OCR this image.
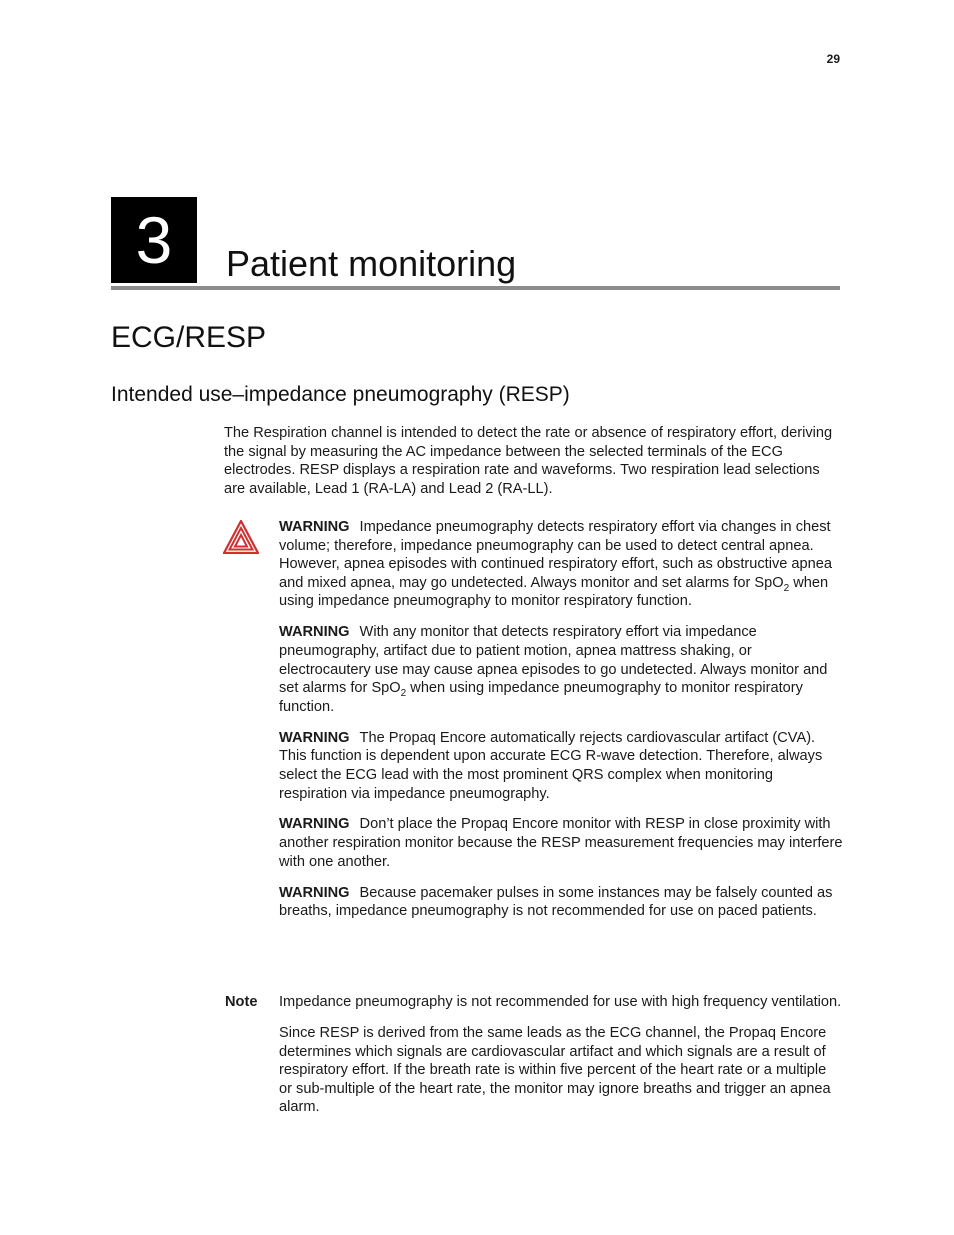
29
3	Patient monitoring
ECG/RESP
Intended use–impedance pneumography (RESP)

The Respiration channel is intended to detect the rate or absence of respiratory effort, deriving the signal by measuring the AC impedance between the selected terminals of the ECG electrodes. RESP displays a respiration rate and waveforms. Two respiration lead selections are available, Lead 1 (RA-LA) and Lead 2 (RA-LL).

WARNING Impedance pneumography detects respiratory effort via changes in chest volume; therefore, impedance pneumography can be used to detect central apnea. However, apnea episodes with continued respiratory effort, such as obstructive apnea and mixed apnea, may go undetected. Always monitor and set alarms for SpO$_2$ when using impedance pneumography to monitor respiratory function.

WARNING With any monitor that detects respiratory effort via impedance pneumography, artifact due to patient motion, apnea mattress shaking, or electrocautery use may cause apnea episodes to go undetected. Always monitor and set alarms for SpO$_2$ when using impedance pneumography to monitor respiratory function.

WARNING The Propaq Encore automatically rejects cardiovascular artifact (CVA). This function is dependent upon accurate ECG R-wave detection. Therefore, always select the ECG lead with the most prominent QRS complex when monitoring respiration via impedance pneumography.

WARNING Don’t place the Propaq Encore monitor with RESP in close proximity with another respiration monitor because the RESP measurement frequencies may interfere with one another.

WARNING Because pacemaker pulses in some instances may be falsely counted as breaths, impedance pneumography is not recommended for use on paced patients.

Note Impedance pneumography is not recommended for use with high frequency ventilation.

Since RESP is derived from the same leads as the ECG channel, the Propaq Encore determines which signals are cardiovascular artifact and which signals are a result of respiratory effort. If the breath rate is within five percent of the heart rate or a multiple or sub-multiple of the heart rate, the monitor may ignore breaths and trigger an apnea alarm.
